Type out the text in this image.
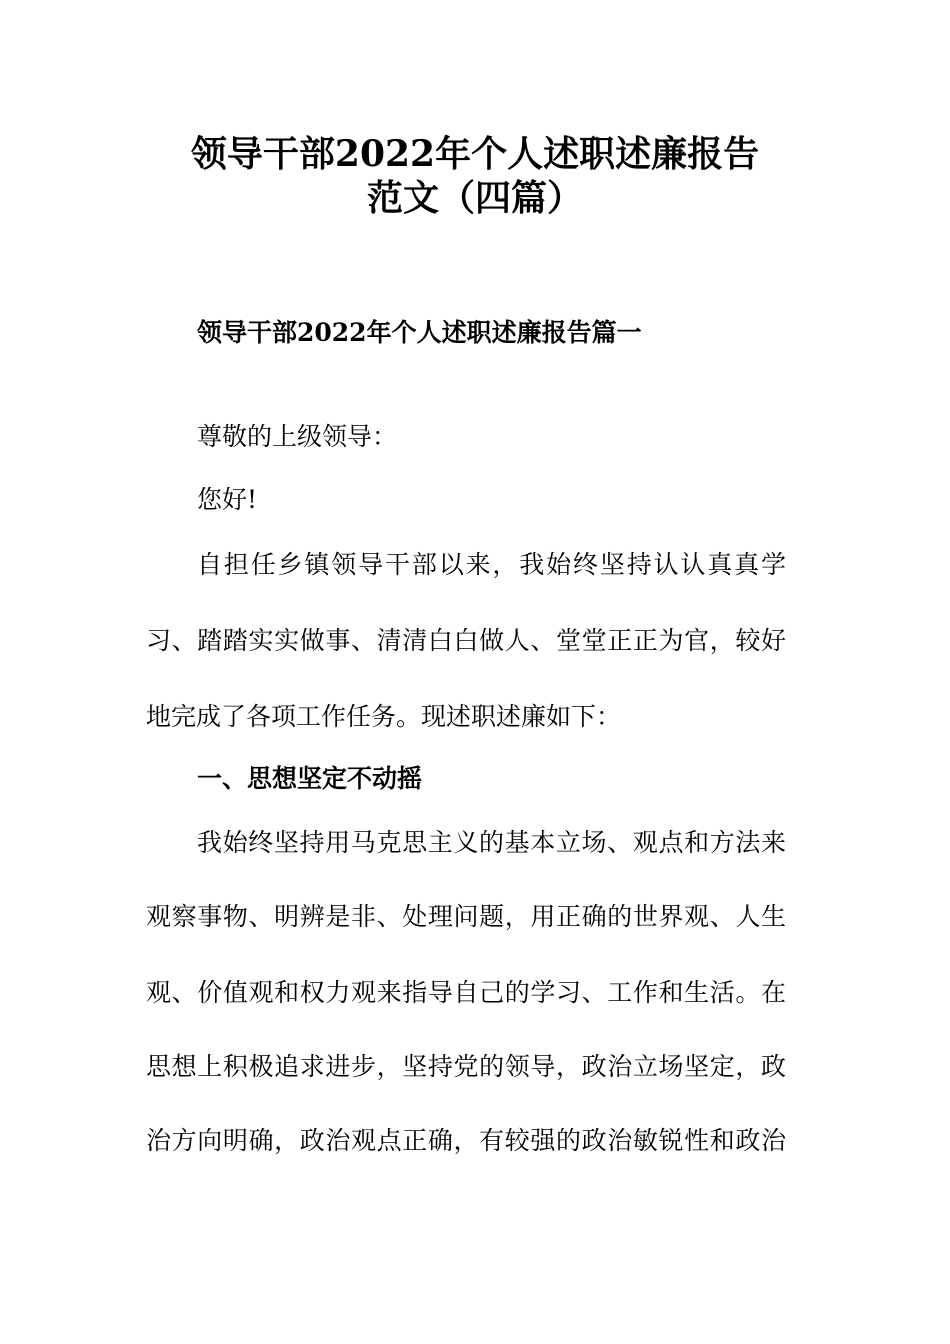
领导干部2022年个人述职述廉报告
范文（四篇）
领导干部2022年个人述职述廉报告篇一
尊敬的上级领导：
您好!
自担任乡镇领导干部以来，我始终坚持认认真真学
习、踏踏实实做事、清清白白做人、堂堂正正为官，较好
地完成了各项工作任务。现述职述廉如下：
一、思想坚定不动摇
我始终坚持用马克思主义的基本立场、观点和方法来
观察事物、明辨是非、处理问题，用正确的世界观、人生
观、价值观和权力观来指导自己的学习、工作和生活。在
思想上积极追求进步，坚持党的领导，政治立场坚定，政
治方向明确，政治观点正确，有较强的政治敏锐性和政治
